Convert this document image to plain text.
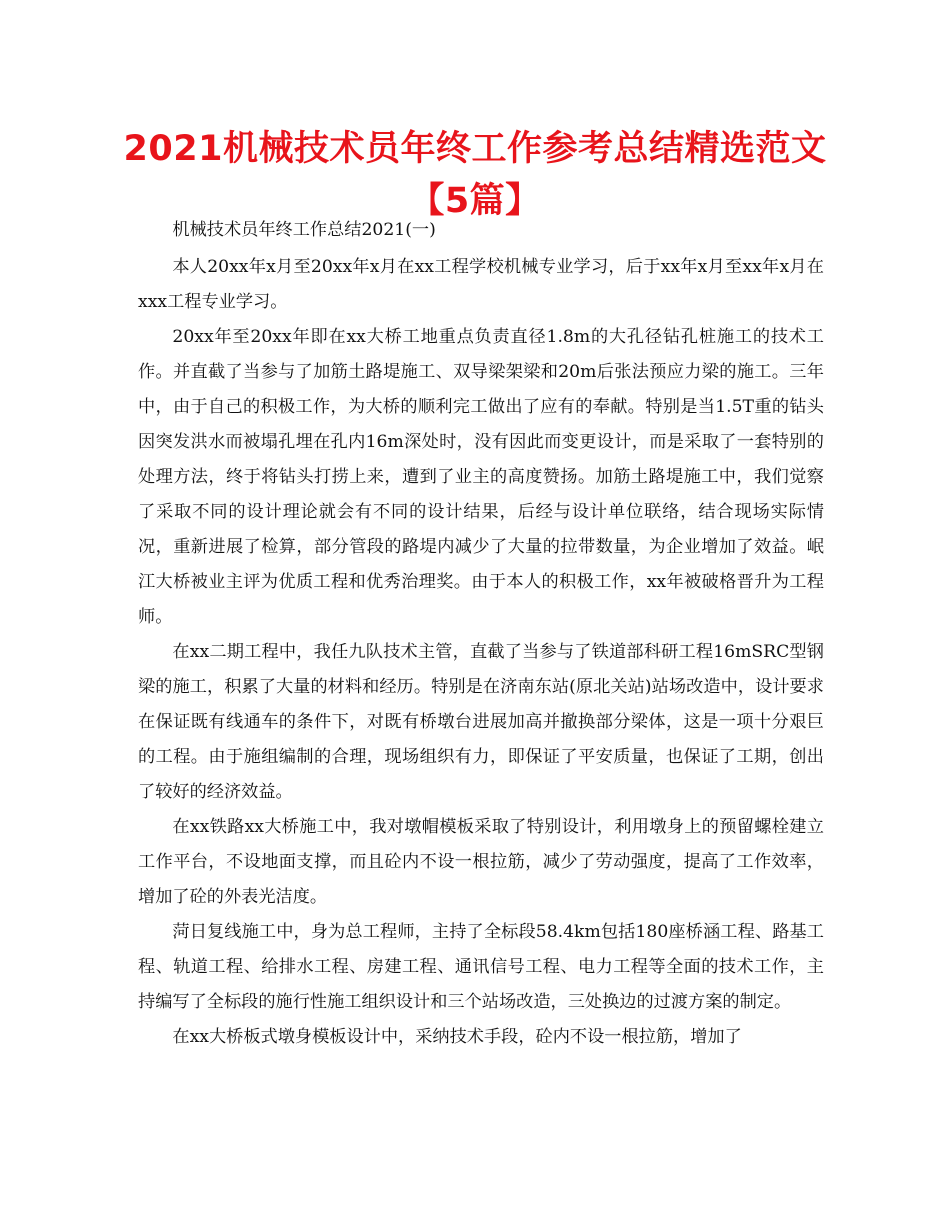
2021机械技术员年终工作参考总结精选范文【5篇】

机械技术员年终工作总结2021(一)

本人20xx年x月至20xx年x月在xx工程学校机械专业学习，后于xx年x月至xx年x月在xxx工程专业学习。

20xx年至20xx年即在xx大桥工地重点负责直径1.8m的大孔径钻孔桩施工的技术工作。并直截了当参与了加筋土路堤施工、双导梁架梁和20m后张法预应力梁的施工。三年中，由于自己的积极工作，为大桥的顺利完工做出了应有的奉献。特别是当1.5T重的钻头因突发洪水而被塌孔埋在孔内16m深处时，没有因此而变更设计，而是采取了一套特别的处理方法，终于将钻头打捞上来，遭到了业主的高度赞扬。加筋土路堤施工中，我们觉察了采取不同的设计理论就会有不同的设计结果，后经与设计单位联络，结合现场实际情况，重新进展了检算，部分管段的路堤内减少了大量的拉带数量，为企业增加了效益。岷江大桥被业主评为优质工程和优秀治理奖。由于本人的积极工作，xx年被破格晋升为工程师。

在xx二期工程中，我任九队技术主管，直截了当参与了铁道部科研工程16mSRC型钢梁的施工，积累了大量的材料和经历。特别是在济南东站(原北关站)站场改造中，设计要求在保证既有线通车的条件下，对既有桥墩台进展加高并撤换部分梁体，这是一项十分艰巨的工程。由于施组编制的合理，现场组织有力，即保证了平安质量，也保证了工期，创出了较好的经济效益。

在xx铁路xx大桥施工中，我对墩帽模板采取了特别设计，利用墩身上的预留螺栓建立工作平台，不设地面支撑，而且砼内不设一根拉筋，减少了劳动强度，提高了工作效率，增加了砼的外表光洁度。

菏日复线施工中，身为总工程师，主持了全标段58.4km包括180座桥涵工程、路基工程、轨道工程、给排水工程、房建工程、通讯信号工程、电力工程等全面的技术工作，主持编写了全标段的施行性施工组织设计和三个站场改造，三处换边的过渡方案的制定。

在xx大桥板式墩身模板设计中，采纳技术手段，砼内不设一根拉筋，增加了
